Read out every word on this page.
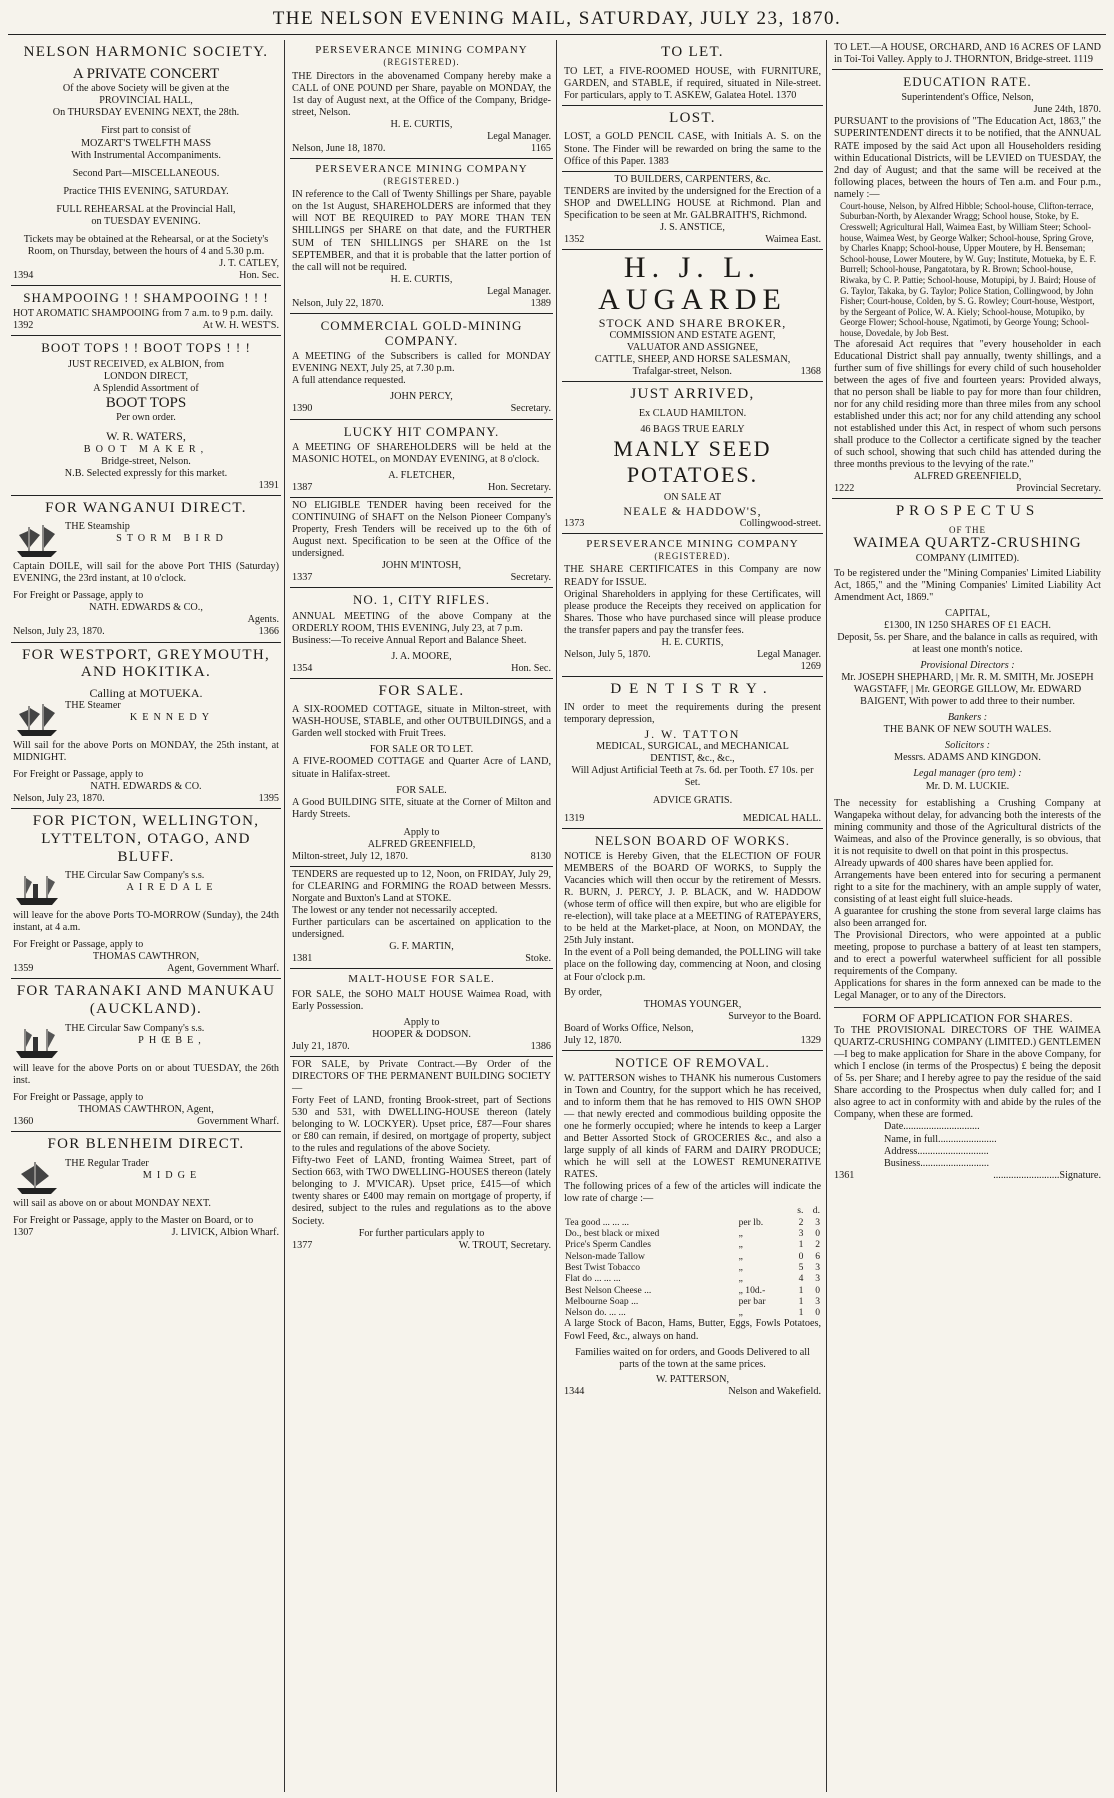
THE NELSON EVENING MAIL, SATURDAY, JULY 23, 1870.
NELSON HARMONIC SOCIETY.
A PRIVATE CONCERT
Of the above Society will be given at the
PROVINCIAL HALL,
On THURSDAY EVENING NEXT, the 28th.
First part to consist of
MOZART'S TWELFTH MASS
With Instrumental Accompaniments.
Second Part—MISCELLANEOUS.
Practice THIS EVENING, SATURDAY.
FULL REHEARSAL at the Provincial Hall,
on TUESDAY EVENING.
Tickets may be obtained at the Rehearsal, or at the Society's Room, on Thursday, between the hours of 4 and 5.30 p.m.
J. T. CATLEY,
1394	Hon. Sec.
SHAMPOOING ! ! SHAMPOOING ! ! !

HOT AROMATIC SHAMPOOING from 7 a.m. to 9 p.m. daily.

1392	At W. H. WEST'S.
BOOT TOPS ! ! BOOT TOPS ! ! !
JUST RECEIVED, ex ALBION, from
LONDON DIRECT,
A Splendid Assortment of
BOOT TOPS
Per own order.
W. R. WATERS,
BOOT MAKER,
Bridge-street, Nelson.
N.B. Selected expressly for this market.
1391
FOR WANGANUI DIRECT.
THE Steamship
STORM BIRD

Captain DOILE, will sail for the above Port THIS (Saturday) EVENING, the 23rd instant, at 10 o'clock.

For Freight or Passage, apply to
NATH. EDWARDS & CO.,
Agents.
Nelson, July 23, 1870.	1366
FOR WESTPORT, GREYMOUTH,
AND HOKITIKA.
Calling at MOTUEKA.
THE Steamer
KENNEDY

Will sail for the above Ports on MONDAY, the 25th instant, at MIDNIGHT.

For Freight or Passage, apply to
NATH. EDWARDS & CO.
Nelson, July 23, 1870.	1395
FOR PICTON, WELLINGTON,
LYTTELTON, OTAGO, AND BLUFF.
THE Circular Saw Company's s.s.
AIREDALE

will leave for the above Ports TO-MORROW (Sunday), the 24th instant, at 4 a.m.

For Freight or Passage, apply to
THOMAS CAWTHRON,
1359	Agent, Government Wharf.
FOR TARANAKI AND MANUKAU
(AUCKLAND).
THE Circular Saw Company's s.s.
PHŒBE,

will leave for the above Ports on or about TUESDAY, the 26th inst.

For Freight or Passage, apply to
THOMAS CAWTHRON, Agent,
1360	Government Wharf.
FOR BLENHEIM DIRECT.
THE Regular Trader
MIDGE

will sail as above on or about MONDAY NEXT.

For Freight or Passage, apply to the Master on Board, or to

1307	J. LIVICK, Albion Wharf.
PERSEVERANCE MINING COMPANY
(REGISTERED).

THE Directors in the abovenamed Company hereby make a CALL of ONE POUND per Share, payable on MONDAY, the 1st day of August next, at the Office of the Company, Bridge-street, Nelson.

H. E. CURTIS,
Legal Manager.
Nelson, June 18, 1870.	1165
PERSEVERANCE MINING COMPANY
(REGISTERED.)

IN reference to the Call of Twenty Shillings per Share, payable on the 1st August, SHAREHOLDERS are informed that they will NOT BE REQUIRED to PAY MORE THAN TEN SHILLINGS per SHARE on that date, and the FURTHER SUM of TEN SHILLINGS per SHARE on the 1st SEPTEMBER, and that it is probable that the latter portion of the call will not be required.

H. E. CURTIS,
Legal Manager.
Nelson, July 22, 1870.	1389
COMMERCIAL GOLD-MINING
COMPANY.

A MEETING of the Subscribers is called for MONDAY EVENING NEXT, July 25, at 7.30 p.m.

A full attendance requested.
JOHN PERCY,
1390	Secretary.
LUCKY HIT COMPANY.

A MEETING OF SHAREHOLDERS will be held at the MASONIC HOTEL, on MONDAY EVENING, at 8 o'clock.

A. FLETCHER,
1387	Hon. Secretary.

NO ELIGIBLE TENDER having been received for the CONTINUING of SHAFT on the Nelson Pioneer Company's Property, Fresh Tenders will be received up to the 6th of August next. Specification to be seen at the Office of the undersigned.

JOHN M'INTOSH,
1337	Secretary.
NO. 1, CITY RIFLES.

ANNUAL MEETING of the above Company at the ORDERLY ROOM, THIS EVENING, July 23, at 7 p.m.

Business:—To receive Annual Report and Balance Sheet.

J. A. MOORE,
1354	Hon. Sec.
FOR SALE.

A SIX-ROOMED COTTAGE, situate in Milton-street, with WASH-HOUSE, STABLE, and other OUTBUILDINGS, and a Garden well stocked with Fruit Trees.

FOR SALE OR TO LET.

A FIVE-ROOMED COTTAGE and Quarter Acre of LAND, situate in Halifax-street.

FOR SALE.

A Good BUILDING SITE, situate at the Corner of Milton and Hardy Streets.

Apply to
ALFRED GREENFIELD,
Milton-street, July 12, 1870.	8130

TENDERS are requested up to 12, Noon, on FRIDAY, July 29, for CLEARING and FORMING the ROAD between Messrs. Norgate and Buxton's Land at STOKE.

The lowest or any tender not necessarily accepted.

Further particulars can be ascertained on application to the undersigned.

G. F. MARTIN,
1381	Stoke.
MALT-HOUSE FOR SALE.

FOR SALE, the SOHO MALT HOUSE Waimea Road, with Early Possession.

Apply to
HOOPER & DODSON.
July 21, 1870.	1386

FOR SALE, by Private Contract.—By Order of the DIRECTORS OF THE PERMANENT BUILDING SOCIETY—

Forty Feet of LAND, fronting Brook-street, part of Sections 530 and 531, with DWELLING-HOUSE thereon (lately belonging to W. LOCKYER). Upset price, £87—Four shares or £80 can remain, if desired, on mortgage of property, subject to the rules and regulations of the above Society.

Fifty-two Feet of LAND, fronting Waimea Street, part of Section 663, with TWO DWELLING-HOUSES thereon (lately belonging to J. M'VICAR). Upset price, £415—of which twenty shares or £400 may remain on mortgage of property, if desired, subject to the rules and regulations as to the above Society.

For further particulars apply to
1377	W. TROUT, Secretary.
TO LET.

TO LET, a FIVE-ROOMED HOUSE, with FURNITURE, GARDEN, and STABLE, if required, situated in Nile-street. For particulars, apply to T. ASKEW, Galatea Hotel. 1370

LOST.

LOST, a GOLD PENCIL CASE, with Initials A. S. on the Stone. The Finder will be rewarded on bring the same to the Office of this Paper. 1383

TO BUILDERS, CARPENTERS, &c.

TENDERS are invited by the undersigned for the Erection of a SHOP and DWELLING HOUSE at Richmond. Plan and Specification to be seen at Mr. GALBRAITH'S, Richmond.

J. S. ANSTICE,
1352	Waimea East.
H. J. L. AUGARDE
STOCK AND SHARE BROKER,
COMMISSION AND ESTATE AGENT,
VALUATOR AND ASSIGNEE,
CATTLE, SHEEP, AND HORSE SALESMAN,
Trafalgar-street, Nelson.	1368
JUST ARRIVED,
Ex CLAUD HAMILTON.
46 BAGS TRUE EARLY
MANLY SEED POTATOES.
ON SALE AT
NEALE & HADDOW'S,
1373	Collingwood-street.
PERSEVERANCE MINING COMPANY
(REGISTERED).

THE SHARE CERTIFICATES in this Company are now READY for ISSUE.

Original Shareholders in applying for these Certificates, will please produce the Receipts they received on application for Shares. Those who have purchased since will please produce the transfer papers and pay the transfer fees.

H. E. CURTIS,
Nelson, July 5, 1870.	Legal Manager.
1269
DENTISTRY.

IN order to meet the requirements during the present temporary depression,

J. W. TATTON
MEDICAL, SURGICAL, and MECHANICAL
DENTIST, &c., &c.,
Will Adjust Artificial Teeth at 7s. 6d. per Tooth. £7 10s. per Set.
ADVICE GRATIS.
1319	MEDICAL HALL.
NELSON BOARD OF WORKS.

NOTICE is Hereby Given, that the ELECTION OF FOUR MEMBERS of the BOARD OF WORKS, to Supply the Vacancies which will then occur by the retirement of Messrs. R. BURN, J. PERCY, J. P. BLACK, and W. HADDOW (whose term of office will then expire, but who are eligible for re-election), will take place at a MEETING of RATEPAYERS, to be held at the Market-place, at Noon, on MONDAY, the 25th July instant.

In the event of a Poll being demanded, the POLLING will take place on the following day, commencing at Noon, and closing at Four o'clock p.m.

By order,
THOMAS YOUNGER,
Surveyor to the Board.
Board of Works Office, Nelson,
July 12, 1870.	1329
NOTICE OF REMOVAL.

W. PATTERSON wishes to THANK his numerous Customers in Town and Country, for the support which he has received, and to inform them that he has removed to HIS OWN SHOP — that newly erected and commodious building opposite the one he formerly occupied; where he intends to keep a Larger and Better Assorted Stock of GROCERIES &c., and also a large supply of all kinds of FARM and DAIRY PRODUCE; which he will sell at the LOWEST REMUNERATIVE RATES.

The following prices of a few of the articles will indicate the low rate of charge :—

		s.	d.
Tea good ... ... ...	per lb.	2	3
Do., best black or mixed	„	3	0
Price's Sperm Candles	„	1	2
Nelson-made Tallow	„	0	6
Best Twist Tobacco	„	5	3
Flat do ... ... ...	„	4	3
Best Nelson Cheese ...	„ 10d.-	1	0
Melbourne Soap ...	per bar	1	3
Nelson do. ... ...	„	1	0

A large Stock of Bacon, Hams, Butter, Eggs, Fowls Potatoes, Fowl Feed, &c., always on hand.

Families waited on for orders, and Goods Delivered to all parts of the town at the same prices.
W. PATTERSON,
1344	Nelson and Wakefield.

TO LET.—A HOUSE, ORCHARD, AND 16 ACRES OF LAND in Toi-Toi Valley. Apply to J. THORNTON, Bridge-street. 1119

EDUCATION RATE.
Superintendent's Office, Nelson,
June 24th, 1870.

PURSUANT to the provisions of "The Education Act, 1863," the SUPERINTENDENT directs it to be notified, that the ANNUAL RATE imposed by the said Act upon all Householders residing within Educational Districts, will be LEVIED on TUESDAY, the 2nd day of August; and that the same will be received at the following places, between the hours of Ten a.m. and Four p.m., namely :—

Court-house, Nelson, by Alfred Hibble; School-house, Clifton-terrace, Suburban-North, by Alexander Wragg; School house, Stoke, by E. Cresswell; Agricultural Hall, Waimea East, by William Steer; School-house, Waimea West, by George Walker; School-house, Spring Grove, by Charles Knapp; School-house, Upper Moutere, by H. Benseman; School-house, Lower Moutere, by W. Guy; Institute, Motueka, by E. F. Burrell; School-house, Pangatotara, by R. Brown; School-house, Riwaka, by C. P. Pattie; School-house, Motupipi, by J. Baird; House of G. Taylor, Takaka, by G. Taylor; Police Station, Collingwood, by John Fisher; Court-house, Colden, by S. G. Rowley; Court-house, Westport, by the Sergeant of Police, W. A. Kiely; School-house, Motupiko, by George Flower; School-house, Ngatimoti, by George Young; School-house, Dovedale, by Job Best.

The aforesaid Act requires that "every householder in each Educational District shall pay annually, twenty shillings, and a further sum of five shillings for every child of such householder between the ages of five and fourteen years: Provided always, that no person shall be liable to pay for more than four children, nor for any child residing more than three miles from any school established under this act; nor for any child attending any school not established under this Act, in respect of whom such persons shall produce to the Collector a certificate signed by the teacher of such school, showing that such child has attended during the three months previous to the levying of the rate."

ALFRED GREENFIELD,
1222	Provincial Secretary.
PROSPECTUS
OF THE
WAIMEA QUARTZ-CRUSHING
COMPANY (LIMITED).

To be registered under the "Mining Companies' Limited Liability Act, 1865," and the "Mining Companies' Limited Liability Act Amendment Act, 1869."

CAPITAL,
£1300, IN 1250 SHARES OF £1 EACH.
Deposit, 5s. per Share, and the balance in calls as required, with at least one month's notice.
Provisional Directors :
Mr. JOSEPH SHEPHARD, | Mr. R. M. SMITH, Mr. JOSEPH WAGSTAFF, | Mr. GEORGE GILLOW, Mr. EDWARD BAIGENT, With power to add three to their number.
Bankers :
THE BANK OF NEW SOUTH WALES.
Solicitors :
Messrs. ADAMS AND KINGDON.
Legal manager (pro tem) :
Mr. D. M. LUCKIE.

The necessity for establishing a Crushing Company at Wangapeka without delay, for advancing both the interests of the mining community and those of the Agricultural districts of the Waimeas, and also of the Province generally, is so obvious, that it is not requisite to dwell on that point in this prospectus.

Already upwards of 400 shares have been applied for.

Arrangements have been entered into for securing a permanent right to a site for the machinery, with an ample supply of water, consisting of at least eight full sluice-heads.

A guarantee for crushing the stone from several large claims has also been arranged for.

The Provisional Directors, who were appointed at a public meeting, propose to purchase a battery of at least ten stampers, and to erect a powerful waterwheel sufficient for all possible requirements of the Company.

Applications for shares in the form annexed can be made to the Legal Manager, or to any of the Directors.

FORM OF APPLICATION FOR SHARES.

To THE PROVISIONAL DIRECTORS OF THE WAIMEA QUARTZ-CRUSHING COMPANY (LIMITED.) GENTLEMEN—I beg to make application for Share in the above Company, for which I enclose (in terms of the Prospectus) £ being the deposit of 5s. per Share; and I hereby agree to pay the residue of the said Share according to the Prospectus when duly called for; and I also agree to act in conformity with and abide by the rules of the Company, when these are formed.

Date..............................
Name, in full.......................
Address............................
Business...........................
1361	..........................Signature.
